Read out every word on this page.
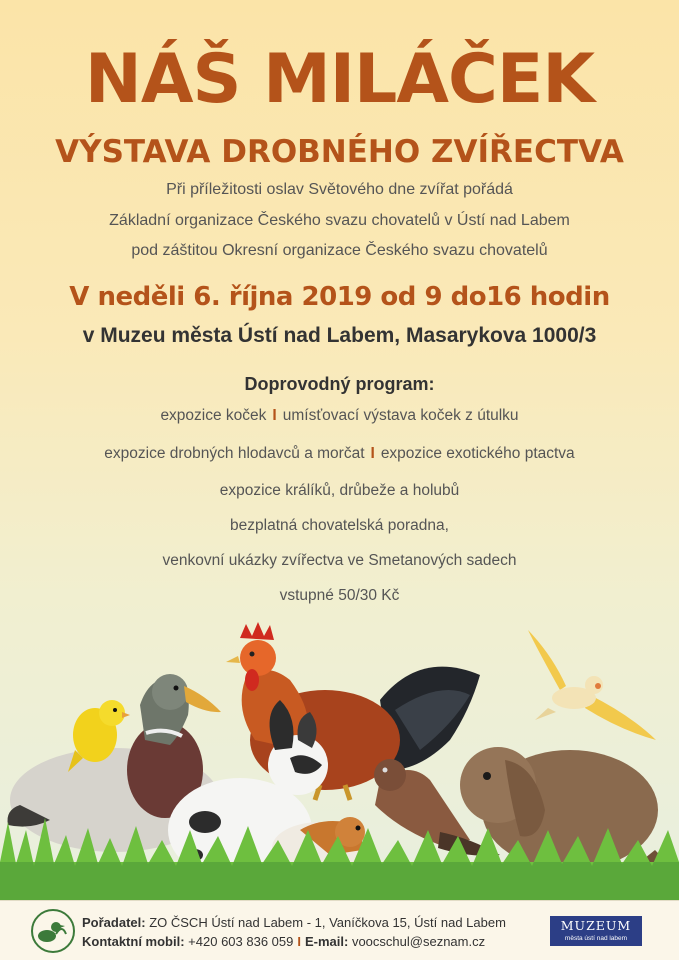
NÁŠ MILÁČEK
VÝSTAVA DROBNÉHO ZVÍŘECTVA
Při příležitosti oslav Světového dne zvířat pořádá
Základní organizace Českého svazu chovatelů v Ústí nad Labem
pod záštitou Okresní organizace Českého svazu chovatelů
V neděli 6. října 2019 od 9 do16 hodin
v Muzeu města Ústí nad Labem, Masarykova 1000/3
Doprovodný program:
expozice koček I umísťovací výstava koček z útulku
expozice drobných hlodavců a morčat I expozice exotického ptactva
expozice králíků, drůbeže a holubů
bezplatná chovatelská poradna,
venkovní ukázky zvířectva ve Smetanových sadech
vstupné 50/30 Kč
Pořadatel: ZO ČSCH Ústí nad Labem - 1, Vaníčkova 15, Ústí nad Labem
Kontaktní mobil: +420 603 836 059 I E-mail: voocschul@seznam.cz
MUZEUM
města ústí nad labem
